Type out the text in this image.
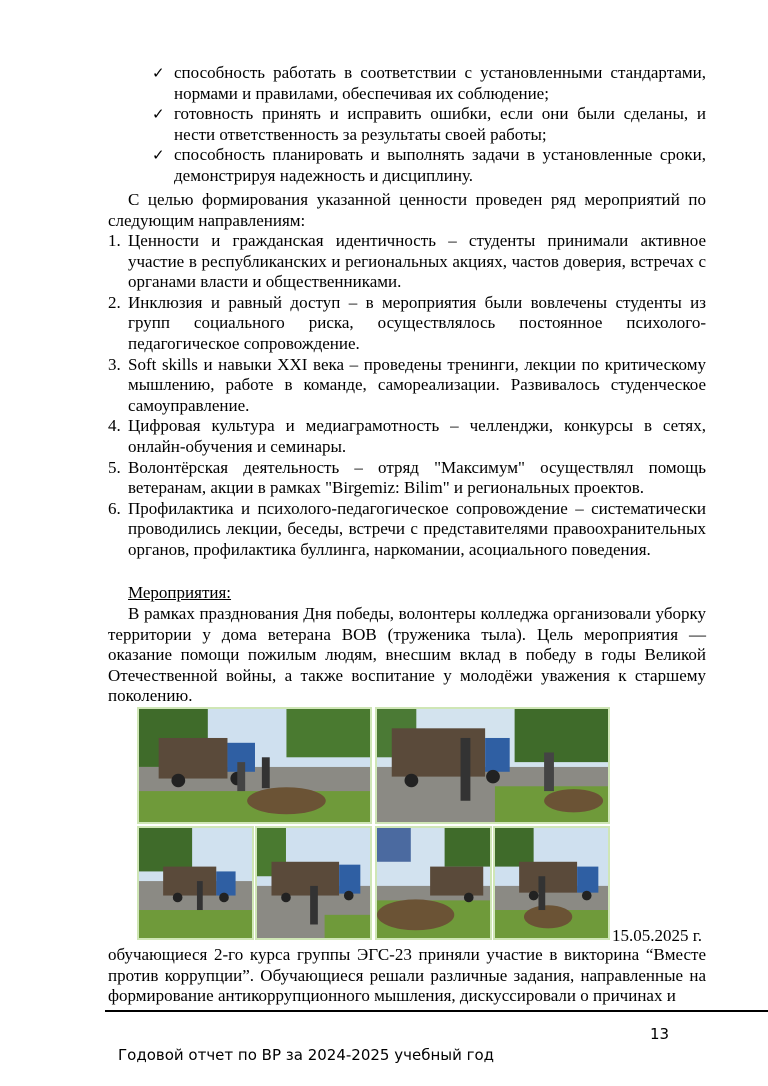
✓ способность работать в соответствии с установленными стандартами, нормами и правилами, обеспечивая их соблюдение;
✓ готовность принять и исправить ошибки, если они были сделаны, и нести ответственность за результаты своей работы;
✓ способность планировать и выполнять задачи в установленные сроки, демонстрируя надежность и дисциплину.

С целью формирования указанной ценности проведен ряд мероприятий по следующим направлениям:

1. Ценности и гражданская идентичность – студенты принимали активное участие в республиканских и региональных акциях, частов доверия, встречах с органами власти и общественниками.
2. Инклюзия и равный доступ – в мероприятия были вовлечены студенты из групп социального риска, осуществлялось постоянное психолого-педагогическое сопровождение.
3. Soft skills и навыки XXI века – проведены тренинги, лекции по критическому мышлению, работе в команде, самореализации. Развивалось студенческое самоуправление.
4. Цифровая культура и медиаграмотность – челленджи, конкурсы в сетях, онлайн-обучения и семинары.
5. Волонтёрская деятельность – отряд "Максимум" осуществлял помощь ветеранам, акции в рамках "Birgemiz: Bilim" и региональных проектов.
6. Профилактика и психолого-педагогическое сопровождение – систематически проводились лекции, беседы, встречи с представителями правоохранительных органов, профилактика буллинга, наркомании, асоциального поведения.

Мероприятия:

В рамках празднования Дня победы, волонтеры колледжа организовали уборку территории у дома ветерана ВОВ (труженика тыла). Цель мероприятия — оказание помощи пожилым людям, внесшим вклад в победу в годы Великой Отечественной войны, а также воспитание у молодёжи уважения к старшему поколению.

15.05.2025 г.

обучающиеся 2-го курса группы ЭГС-23 приняли участие в викторина “Вместе против коррупции”. Обучающиеся решали различные задания, направленные на формирование антикоррупционного мышления, дискуссировали о причинах и

13
Годовой отчет по ВР за 2024-2025 учебный год
